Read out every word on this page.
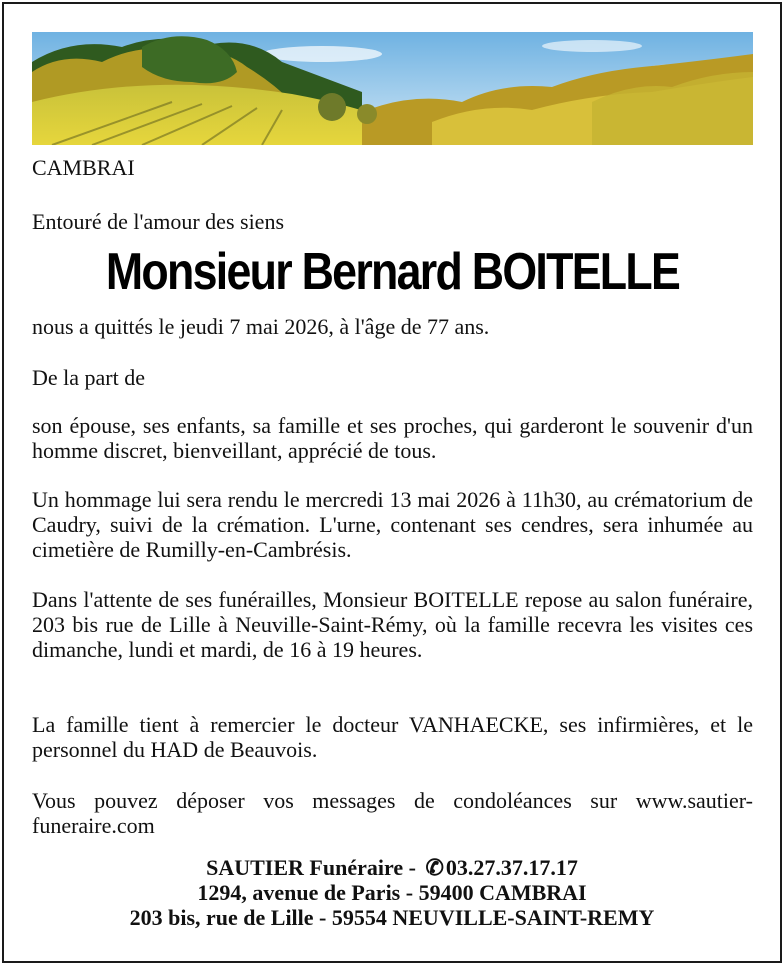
CAMBRAI

Entouré de l'amour des siens

Monsieur Bernard BOITELLE

nous a quittés le jeudi 7 mai 2026, à l'âge de 77 ans.

De la part de

son épouse, ses enfants, sa famille et ses proches, qui garderont le souvenir d'un homme discret, bienveillant, apprécié de tous.

Un hommage lui sera rendu le mercredi 13 mai 2026 à 11h30, au crématorium de Caudry, suivi de la crémation. L'urne, contenant ses cendres, sera inhumée au cimetière de Rumilly-en-Cambrésis.

Dans l'attente de ses funérailles, Monsieur BOITELLE repose au salon funéraire, 203 bis rue de Lille à Neuville-Saint-Rémy, où la famille recevra les visites ces dimanche, lundi et mardi, de 16 à 19 heures.

La famille tient à remercier le docteur VANHAECKE, ses infirmières, et le personnel du HAD de Beauvois.

Vous pouvez déposer vos messages de condoléances sur www.sautier-funeraire.com

SAUTIER Funéraire - ✆03.27.37.17.17
1294, avenue de Paris - 59400 CAMBRAI
203 bis, rue de Lille - 59554 NEUVILLE-SAINT-REMY
